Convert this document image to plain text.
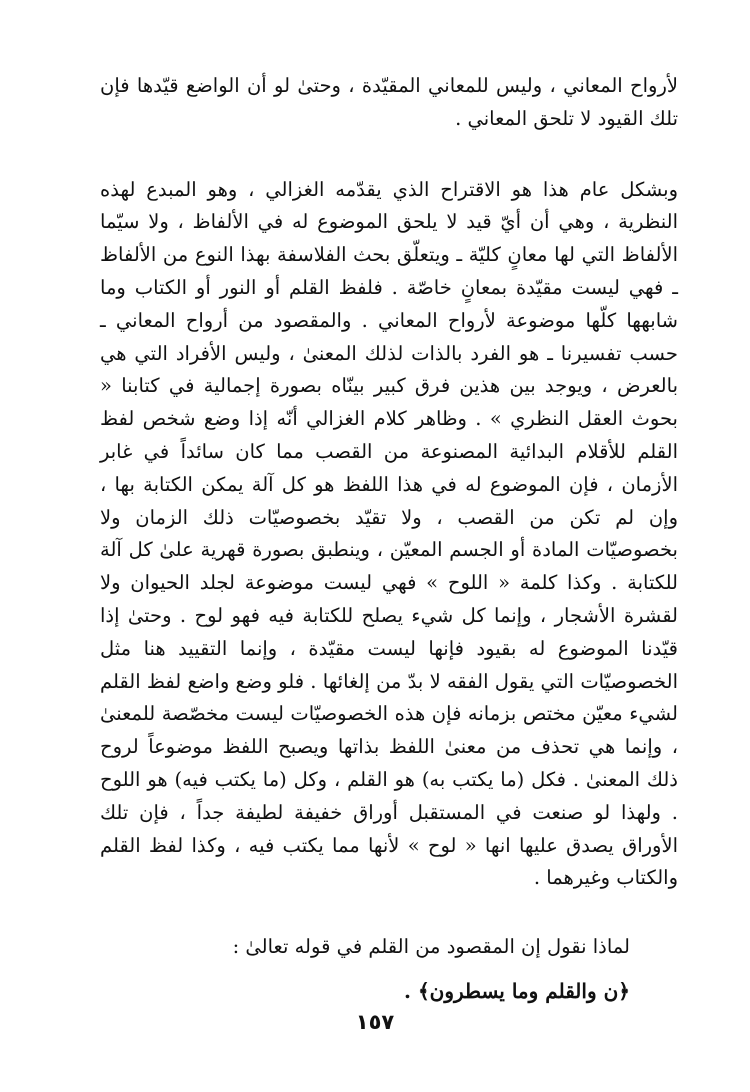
لأرواح المعاني ، وليس للمعاني المقيّدة ، وحتىٰ لو أن الواضع قيّدها فإن تلك القيود لا تلحق المعاني .

وبشكل عام هذا هو الاقتراح الذي يقدّمه الغزالي ، وهو المبدع لهذه النظرية ، وهي أن أيّ قيد لا يلحق الموضوع له في الألفاظ ، ولا سيّما الألفاظ التي لها معانٍ كليّة ـ ويتعلّق بحث الفلاسفة بهذا النوع من الألفاظ ـ فهي ليست مقيّدة بمعانٍ خاصّة . فلفظ القلم أو النور أو الكتاب وما شابهها كلّها موضوعة لأرواح المعاني . والمقصود من أرواح المعاني ـ حسب تفسيرنا ـ هو الفرد بالذات لذلك المعنىٰ ، وليس الأفراد التي هي بالعرض ، ويوجد بين هذين فرق كبير بينّاه بصورة إجمالية في كتابنا « بحوث العقل النظري » . وظاهر كلام الغزالي أنّه إذا وضع شخص لفظ القلم للأقلام البدائية المصنوعة من القصب مما كان سائداً في غابر الأزمان ، فإن الموضوع له في هذا اللفظ هو كل آلة يمكن الكتابة بها ، وإن لم تكن من القصب ، ولا تقيّد بخصوصيّات ذلك الزمان ولا بخصوصيّات المادة أو الجسم المعيّن ، وينطبق بصورة قهرية علىٰ كل آلة للكتابة . وكذا كلمة « اللوح » فهي ليست موضوعة لجلد الحيوان ولا لقشرة الأشجار ، وإنما كل شيء يصلح للكتابة فيه فهو لوح . وحتىٰ إذا قيّدنا الموضوع له بقيود فإنها ليست مقيّدة ، وإنما التقييد هنا مثل الخصوصيّات التي يقول الفقه لا بدّ من إلغائها . فلو وضع واضع لفظ القلم لشيء معيّن مختص بزمانه فإن هذه الخصوصيّات ليست مخصّصة للمعنىٰ ، وإنما هي تحذف من معنىٰ اللفظ بذاتها ويصبح اللفظ موضوعاً لروح ذلك المعنىٰ . فكل (ما يكتب به) هو القلم ، وكل (ما يكتب فيه) هو اللوح . ولهذا لو صنعت في المستقبل أوراق خفيفة لطيفة جداً ، فإن تلك الأوراق يصدق عليها انها « لوح » لأنها مما يكتب فيه ، وكذا لفظ القلم والكتاب وغيرهما .

لماذا نقول إن المقصود من القلم في قوله تعالىٰ :

﴿ن والقلم وما يسطرون﴾ .

١٥٧
